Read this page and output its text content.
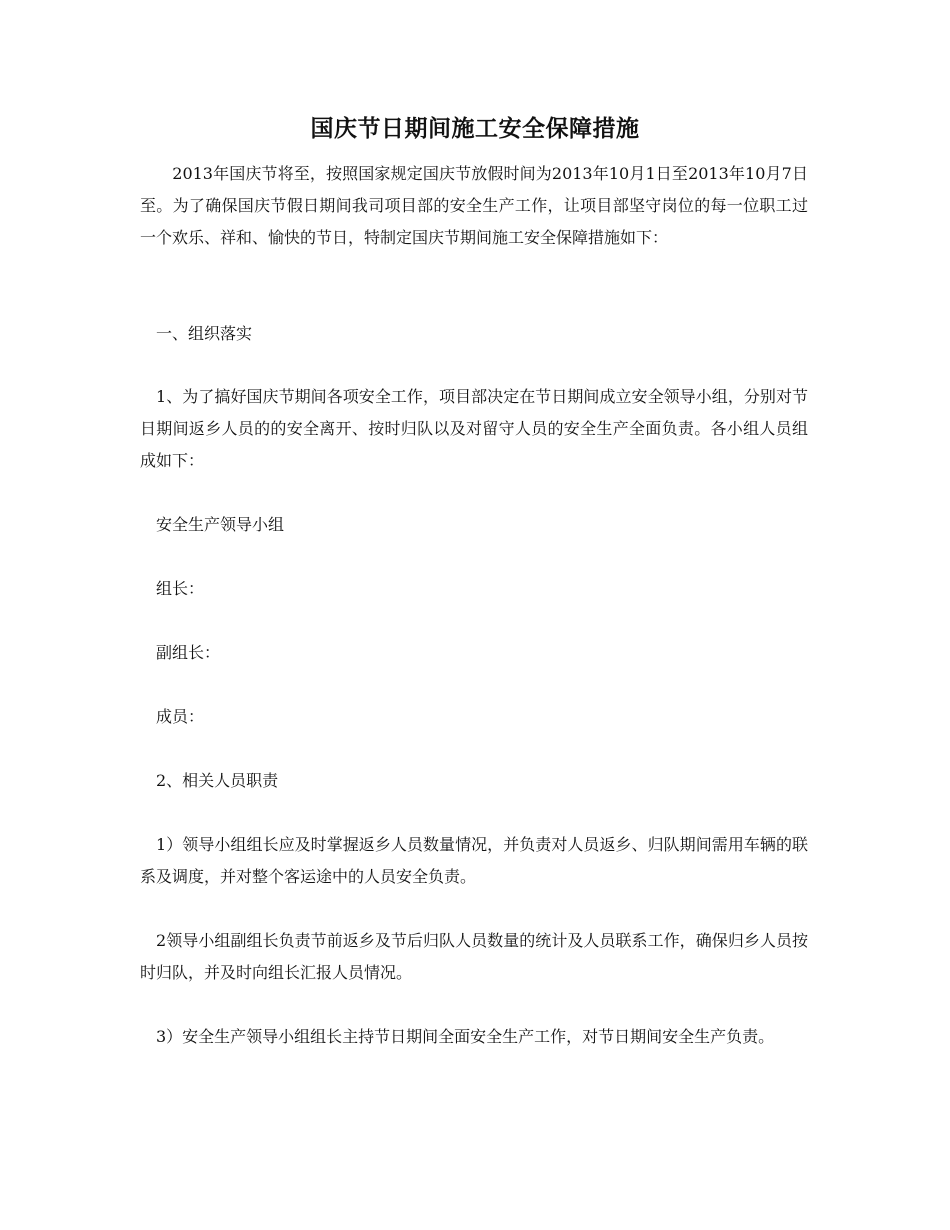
国庆节日期间施工安全保障措施

　　2013年国庆节将至，按照国家规定国庆节放假时间为2013年10月1日至2013年10月7日至。为了确保国庆节假日期间我司项目部的安全生产工作，让项目部坚守岗位的每一位职工过一个欢乐、祥和、愉快的节日，特制定国庆节期间施工安全保障措施如下：

　一、组织落实

　1、为了搞好国庆节期间各项安全工作，项目部决定在节日期间成立安全领导小组，分别对节日期间返乡人员的的安全离开、按时归队以及对留守人员的安全生产全面负责。各小组人员组成如下：

　安全生产领导小组

　组长：

　副组长：

　成员：

　2、相关人员职责

　1）领导小组组长应及时掌握返乡人员数量情况，并负责对人员返乡、归队期间需用车辆的联系及调度，并对整个客运途中的人员安全负责。

　2领导小组副组长负责节前返乡及节后归队人员数量的统计及人员联系工作，确保归乡人员按时归队，并及时向组长汇报人员情况。

　3）安全生产领导小组组长主持节日期间全面安全生产工作，对节日期间安全生产负责。
